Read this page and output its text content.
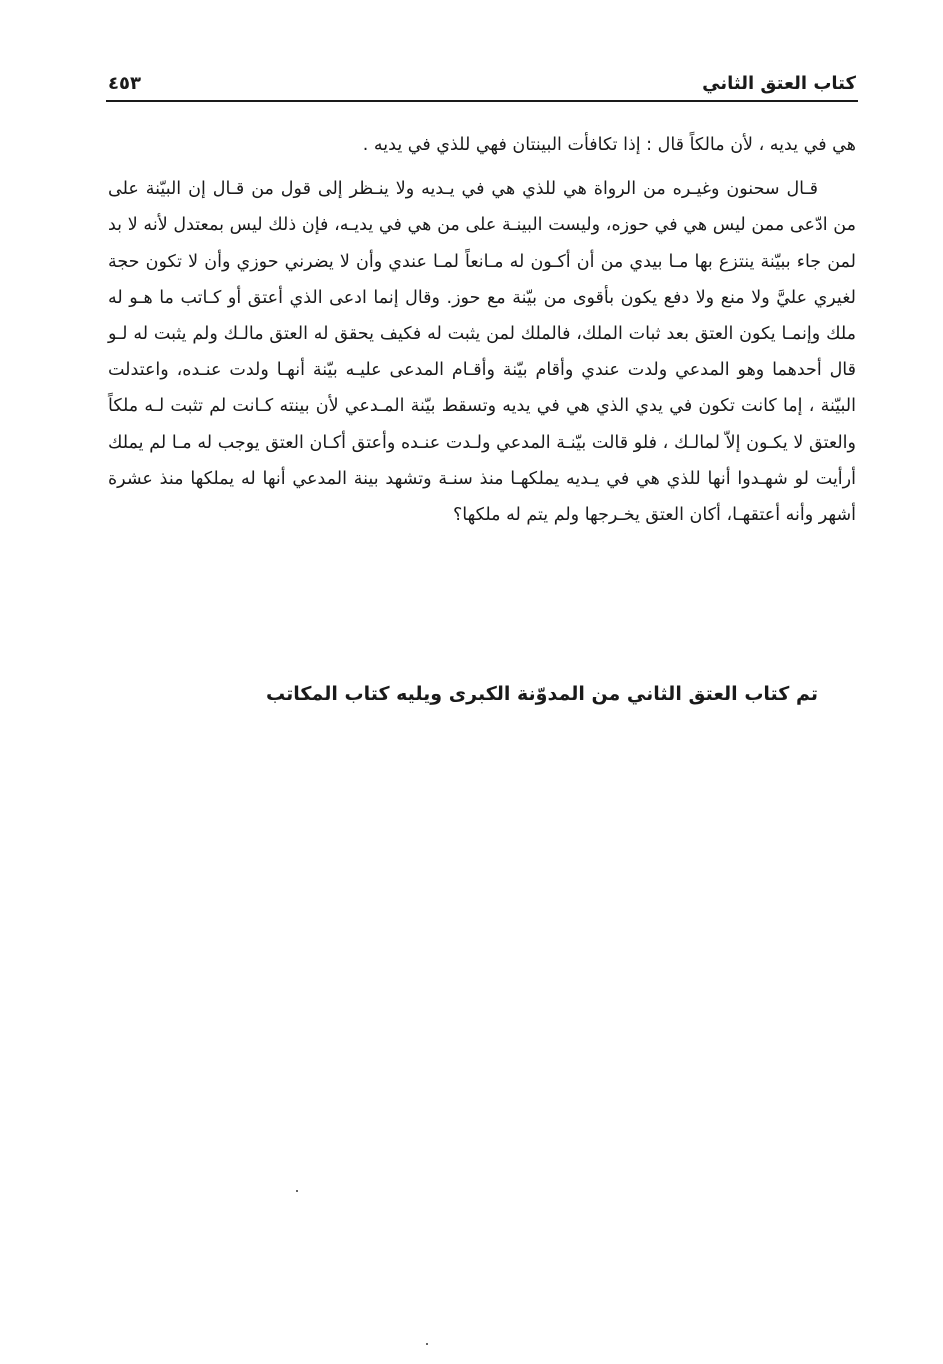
كتاب العتق الثاني
٤٥٣

هي في يديه ، لأن مالكاً قال : إذا تكافأت البينتان فهي للذي في يديه .

قـال سحنون وغيـره من الرواة هي للذي هي في يـديه ولا ينـظر إلى قول من قـال إن البيّنة على من ادّعى ممن ليس هي في حوزه، وليست البينـة على من هي في يديـه، فإن ذلك ليس بمعتدل لأنه لا بد لمن جاء ببيّنة ينتزع بها مـا بيدي من أن أكـون له مـانعاً لمـا عندي وأن لا يضرني حوزي وأن لا تكون حجة لغيري عليَّ ولا منع ولا دفع يكون بأقوى من بيّنة مع حوز. وقال إنما ادعى الذي أعتق أو كـاتب ما هـو له ملك وإنمـا يكون العتق بعد ثبات الملك، فالملك لمن يثبت له فكيف يحقق له العتق مالـك ولم يثبت له لـو قال أحدهما وهو المدعي ولدت عندي وأقام بيّنة وأقـام المدعى عليـه بيّنة أنهـا ولدت عنـده، واعتدلت البيّنة ، إما كانت تكون في يدي الذي هي في يديه وتسقط بيّنة المـدعي لأن بينته كـانت لم تثبت لـه ملكاً والعتق لا يكـون إلاّ لمالـك ، فلو قالت بيّنـة المدعي ولـدت عنـده وأعتق أكـان العتق يوجب له مـا لم يملك أرأيت لو شهـدوا أنها للذي هي في يـديه يملكهـا منذ سنـة وتشهد بينة المدعي أنها له يملكها منذ عشرة أشهر وأنه أعتقهـا، أكان العتق يخـرجها ولم يتم له ملكها؟

تم كتاب العتق الثاني من المدوّنة الكبرى ويليه كتاب المكاتب
